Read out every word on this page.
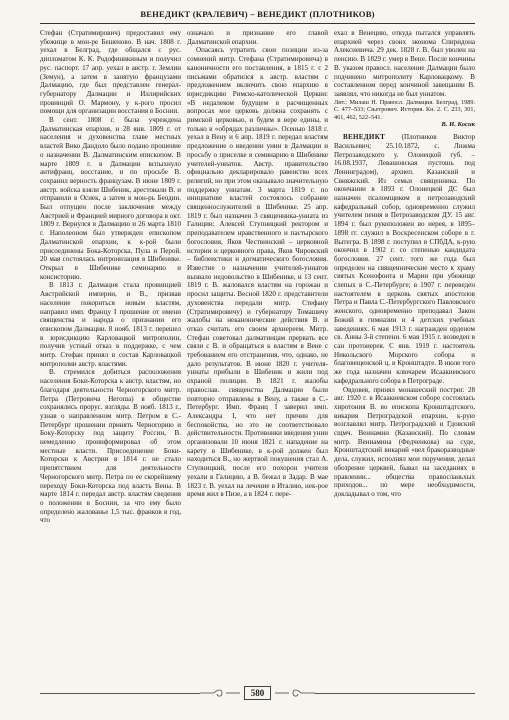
ВЕНЕДИКТ (КРАЛЕВИЧ) – ВЕНЕДИКТ (ПЛОТНИКОВ)

Стефан (Стратимирович) предоставил ему убежище в мон-ре Бешеново. В нач. 1808 г. уехал в Белград, где общался с рус. дипломатом К. К. Родофиникиным и получил рус. паспорт. 17 апр. уехал в австр. г. Землин (Земун), а затем в занятую французами Далмацию, где был представлен генерал-губернатору Далмации и Иллирийских провинций О. Мармону, у к-рого просил помощи для организации восстания в Боснии.

В сент. 1808 г. была учреждена Далматинская епархия, и 28 янв. 1809 г. от населения и духовенства главе местных властей Вико Дандоло было подано прошение о назначении В. Далматинским епископом. В марте 1809 г. в Далмации вспыхнуло антифранц. восстание, и по просьбе В. сохранил верность французам. В июне 1809 г. австр. войска взяли Шибеник, арестовали В. и отправили в Осиек, а затем в мон-рь Беодин. Был отпущен после заключения между Австрией и Францией мирного договора в окт. 1809 г. Вернулся в Далмацию и 26 марта 1810 г. Наполеоном был утвержден епископом Далматинской епархии, к к-рой были присоединены Бока-Которска, Пула и Перой. 20 мая состоялась интронизация в Шибенике. Открыл в Шибенике семинарию и консисторию.

В 1813 г. Далмация стала провинцией Австрийской империи, и В., призвав население покориться новым властям, направил имп. Францу I прошение от имени священства и народа о признании его епископом Далмации. 8 нояб. 1813 г. перешел в юрисдикцию Карловацкой митрополии, получив устный отказ в поддержке, с чем митр. Стефан принял в состав Карловацкой митрополии австр. властями.

В. стремился добиться расположения населения Боки-Которска к австр. властям, но благодаря деятельности Черногорского митр. Петра (Петровича Негоша) в обществе сохранялись прорус. взгляды. В нояб. 1813 г., узнав о направленном митр. Петром в С.-Петербург прошении принять Черногорию и Боку-Которску под защиту России, В. немедленно проинформировал об этом местные власти. Присоединение Боки-Которски к Австрии в 1814 г. не стало препятствием для деятельности Черногорского митр. Петра по ее скорейшему переходу Боки-Которска под власть Вены. В марте 1814 г. передал австр. властям сведения о положении в Боснии, за что ему было определено жалованье 1,5 тыс. франков в год, что

означало и признание его главой Далматинской епархии.

Опасаясь утратить свои позиции из-за сомнений митр. Стефана (Стратимировича) в каноничности его поставления, в 1815 г. с 2 письмами обратился к австр. властям с предложением включить свою епархию в юрисдикцию Римско-католической Церкви: «В недалеком будущем в расчищенных вопросах мое церковь должна сохранять с римской церковью, и будем в вере едины, и только в «обрядах различны». Осенью 1818 г. уехал в Вену и 6 апр. 1819 г. передал властям предложение о введении унии в Далмации и просьбу о приселке в семинарию в Шибенике учителей-униатов. Австр. правительство официально декларировало равенство всех религий, но при этом оказывало значительную поддержку униатам. 3 марта 1819 г. по инициативе властей состоялось собрание священнослужителей в Шибенике. 25 апр. 1819 г. был назначен 3 священника-униата из Галиции: Алексей Ступницкий ректором и преподавателем нравственного и пастырского богословия, Яков Чествинский – церковной истории и церковного права, Яков Чировский – библеистики и догматического богословия. Известие о назначении учителей-униатов вызвало недовольство в Шибенике, и 13 сент. 1819 г. В. жаловался властям на горожан и просил защиты. Весной 1820 г. представители духовенства передали митр. Стефану (Стратимировичу) и губернатору Томашичу жалобы на неканонические действия В. и отказ считать его своим архиереем. Митр. Стефан советовал далматинцам прервать все связи с В. и обращаться к властям в Вене с требованием его отстранения, что, однако, не дало результатов. В июне 1820 г. учителя-униаты прибыли в Шибеник и жили под охраной полиции. В 1821 г. жалобы православ. священства Далмации были повторно отправлены в Вену, а также в С.-Петербург. Имп. Франц I заверил имп. Александра I, что нет причин для беспокойства, но это не соответствовало действительности. Противники введения унии организовали 10 июня 1821 г. нападение на карету в Шибенике, в к-рой должен был находиться В., но жертвой покушения стал А. Ступницкий, после его похорон учителя уехали в Галицию, а В. бежал в Задар. В мае 1823 г. В. уехал на лечение в Италию, нек-рое время жил в Пизе, а в 1824 г. пере-

ехал в Венецию, откуда пытался управлять епархией через своих эконома Спиридона Алексиевича. 29 дек. 1828 г. В. был уволен на пенсию. В 1829 г. умер в Вене. После кончины В. указом правосл. население Далмации было подчинено митрополиту Карловацкому. В составленном перед кончиной завещании В. заявлял, что никогда не был униатом.

Лит.: Милаш Н. Правосл. Далмация. Белград, 1989. С. 477–533; Сњетрович. История. Кн. 2. С. 233, 301, 461, 462, 522–541.

В. И. Косик

ВЕНЕДИКТ (Плотников Виктор Васильевич; 25.10.1872, с. Лижма Петрозаводского у. Олонецкой губ. – 16.08.1937, Левашовская пустошь под Ленинградом), архиеп. Казанский и Свияжский. Из семьи священника. По окончании в 1893 г. Олонецкой ДС был назначен псаломщиком в петрозаводский кафедральный собор, одновременно служил учителем пения в Петрозаводском ДУ. 15 авг. 1894 г. был рукоположен во иерея, в 1895–1898 гг. служил в Воскресенском соборе в г. Вытегра. В 1898 г. поступил в СПбДА, к-рую окончил в 1902 г. со степенью кандидата богословия. 27 сент. того же года был определен на священнические место к храму святых Ксенофонта и Марии при убежище слепых в С.-Петербурге; в 1907 г. переведен настоятелем в церковь святых апостолов Петра и Павла С.-Петербургского Павловского женского, одновременно преподавал Закон Божий в гимназии и 4 детских учебных заведениях. 6 мая 1913 г. награжден орденом св. Анны 3-й степени. 6 мая 1915 г. возведен в сан протоиерея. С янв. 1919 г. настоятель Никольского Морского собора и благовещенской ц. в Кронштадте. В июле того же года назначен ключарем Исаакиевского кафедрального собора в Петрограде.

Овдовев, принял монашеский постриг. 28 авг. 1920 г. в Исаакиевском соборе состоялась хиротония В. во епископа Кронштадтского, викария Петроградской епархии, к-рую возглавлял митр. Петроградский и Гдовский сщмч. Вениамин (Казанский). По словам митр. Вениамина (Федченкова) на суде, Кронштадтский викарий «вел бракоразводные дела, служил, исполнял мои поручения, делал обозрение церквей, бывал на заседаниях в правлении... общества правосланьхых приходов... по мере необходимости, докладывал о том, что

580
